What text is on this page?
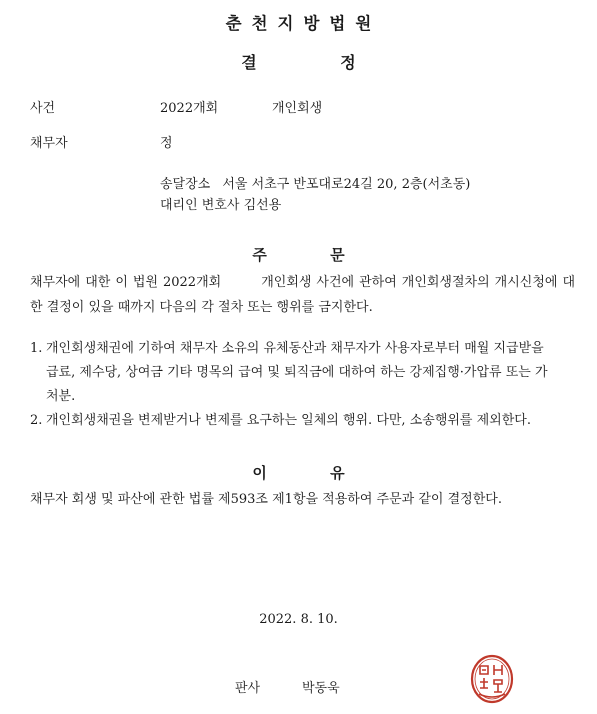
춘천지방법원
결 정
사건	2022개회	개인회생
채무자	정
송달장소 서울 서초구 반포대로24길 20, 2층(서초동)
대리인 변호사 김선용
주 문
채무자에 대한 이 법원 2022개회	개인회생 사건에 관하여 개인회생절차의 개시신청에 대한 결정이 있을 때까지 다음의 각 절차 또는 행위를 금지한다.
1. 개인회생채권에 기하여 채무자 소유의 유체동산과 채무자가 사용자로부터 매월 지급받을 급료, 제수당, 상여금 기타 명목의 급여 및 퇴직금에 대하여 하는 강제집행·가압류 또는 가처분.
2. 개인회생채권을 변제받거나 변제를 요구하는 일체의 행위. 다만, 소송행위를 제외한다.
이 유
채무자 회생 및 파산에 관한 법률 제593조 제1항을 적용하여 주문과 같이 결정한다.
2022. 8. 10.
판사	박동욱
